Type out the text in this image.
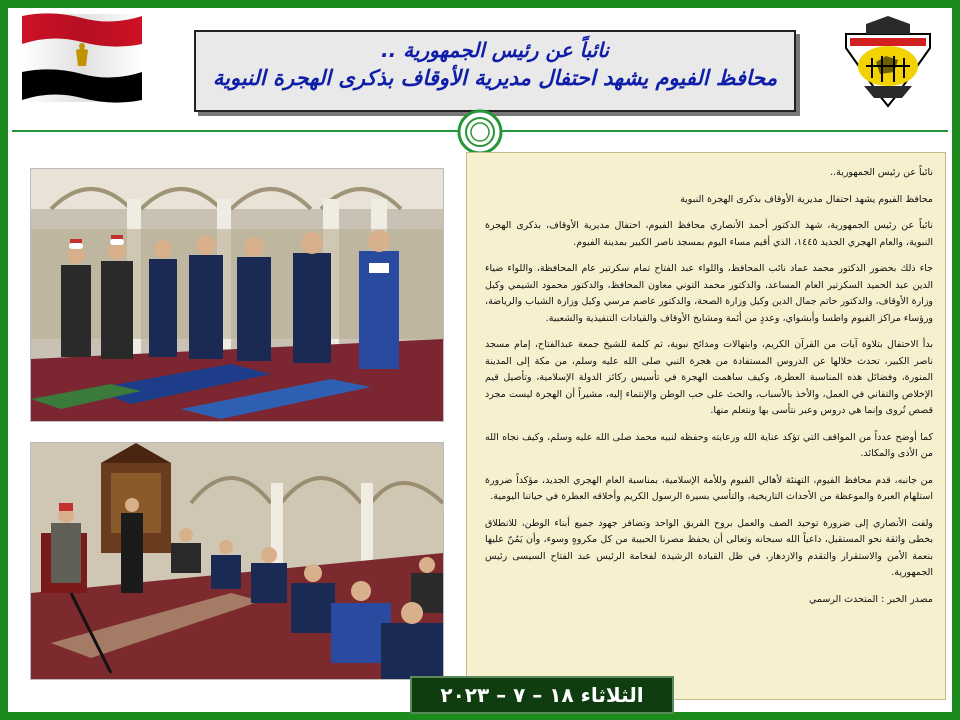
نائباً عن رئيس الجمهورية ..
محافظ الفيوم يشهد احتفال مديرية الأوقاف بذكرى الهجرة النبوية

نائباً عن رئيس الجمهورية..

محافظ الفيوم يشهد احتفال مديرية الأوقاف بذكرى الهجرة النبوية

نائباً عن رئيس الجمهورية، شهد الدكتور أحمد الأنصاري محافظ الفيوم، احتفال مديرية الأوقاف، بذكرى الهجرة النبوية، والعام الهجري الجديد ١٤٤٥، الذي أقيم مساء اليوم بمسجد ناصر الكبير بمدينة الفيوم.

جاء ذلك بحضور الدكتور محمد عماد نائب المحافظ، واللواء عبد الفتاح تمام سكرتير عام المحافظة، واللواء ضياء الدين عبد الحميد السكرتير العام المساعد، والدكتور محمد التوني معاون المحافظ، والدكتور محمود الشيمي وكيل وزارة الأوقاف، والدكتور حاتم جمال الدين وكيل وزارة الصحة، والدكتور عاصم مرسي وكيل وزارة الشباب والرياضة، ورؤساء مراكز الفيوم واطسا وأبشواي، وعددٍ من أئمة ومشايخ الأوقاف والقيادات التنفيذية والشعبية.

بدأ الاحتفال بتلاوة آيات من القرآن الكريم، وابتهالات ومدائح نبوية، ثم كلمة للشيخ جمعة عبدالفتاح، إمام مسجد ناصر الكبير، تحدث خلالها عن الدروس المستفادة من هجرة النبي صلى الله عليه وسلم، من مكة إلى المدينة المنورة، وفضائل هذه المناسبة العطرة، وكيف ساهمت الهجرة في تأسيس ركائز الدولة الإسلامية، وتأصيل قيم الإخلاص والتفاني في العمل، والأخذ بالأسباب، والحث على حب الوطن والإنتماء إليه، مشيراً أن الهجرة ليست مجرد قصص تُروى وإنما هي دروس وعبر نتأسى بها ونتعلم منها.

كما أوضح عدداً من المواقف التي تؤكد عناية الله ورعايته وحفظه لنبيه محمد صلى الله عليه وسلم، وكيف نجاه الله من الأذى والمكائد.

من جانبه، قدم محافظ الفيوم، التهنئة لأهالي الفيوم وللأمة الإسلامية، بمناسبة العام الهجري الجديد، مؤكداً ضرورة استلهام العبرة والموعظة من الأحداث التاريخية، والتأسي بسيرة الرسول الكريم وأخلاقه العطرة في حياتنا اليومية.

ولفت الأنصاري إلى ضرورة توحيد الصف والعمل بروح الفريق الواحد وتضافر جهود جميع أبناء الوطن، للانطلاق بخطى واثقة نحو المستقبل، داعياً الله سبحانه وتعالى أن يحفظ مصرنا الحبيبة من كل مكروهٍ وسوء، وأن يَمُنّ عليها بنعمة الأمن والاستقرار والتقدم والازدهار، في ظل القيادة الرشيدة لفخامة الرئيس عبد الفتاح السيسى رئيس الجمهورية.

مصدر الخبر : المتحدث الرسمي

الثلاثاء ١٨ – ٧ – ٢٠٢٣
